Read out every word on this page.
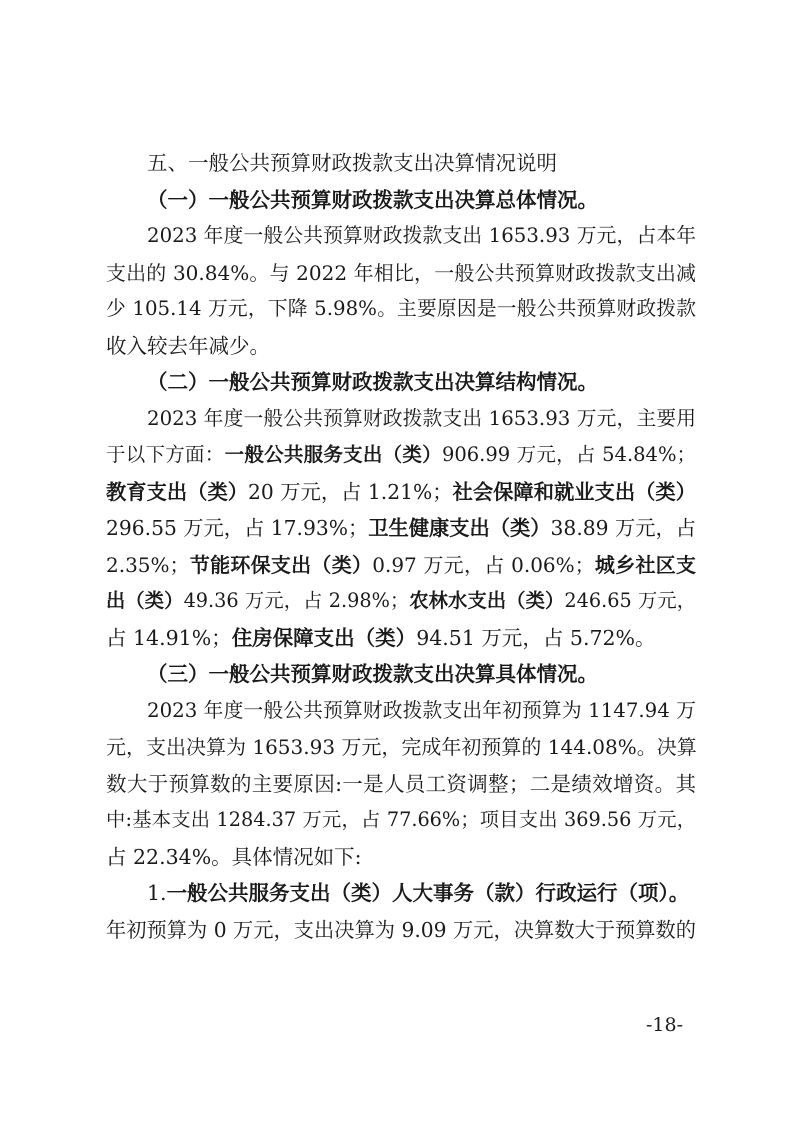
五、一般公共预算财政拨款支出决算情况说明
（一）一般公共预算财政拨款支出决算总体情况。
2023 年度一般公共预算财政拨款支出 1653.93 万元，占本年
支出的 30.84%。与 2022 年相比，一般公共预算财政拨款支出减
少 105.14 万元，下降 5.98%。主要原因是一般公共预算财政拨款
收入较去年减少。
（二）一般公共预算财政拨款支出决算结构情况。
2023 年度一般公共预算财政拨款支出 1653.93 万元，主要用
于以下方面：一般公共服务支出（类）906.99 万元，占 54.84%；
教育支出（类）20 万元，占 1.21%；社会保障和就业支出（类）
296.55 万元，占 17.93%；卫生健康支出（类）38.89 万元，占
2.35%；节能环保支出（类）0.97 万元，占 0.06%；城乡社区支
出（类）49.36 万元，占 2.98%；农林水支出（类）246.65 万元，
占 14.91%；住房保障支出（类）94.51 万元，占 5.72%。
（三）一般公共预算财政拨款支出决算具体情况。
2023 年度一般公共预算财政拨款支出年初预算为 1147.94 万
元，支出决算为 1653.93 万元，完成年初预算的 144.08%。决算
数大于预算数的主要原因:一是人员工资调整；二是绩效增资。其
中:基本支出 1284.37 万元，占 77.66%；项目支出 369.56 万元，
占 22.34%。具体情况如下:
1.一般公共服务支出（类）人大事务（款）行政运行（项）。
年初预算为 0 万元，支出决算为 9.09 万元，决算数大于预算数的
-18-
